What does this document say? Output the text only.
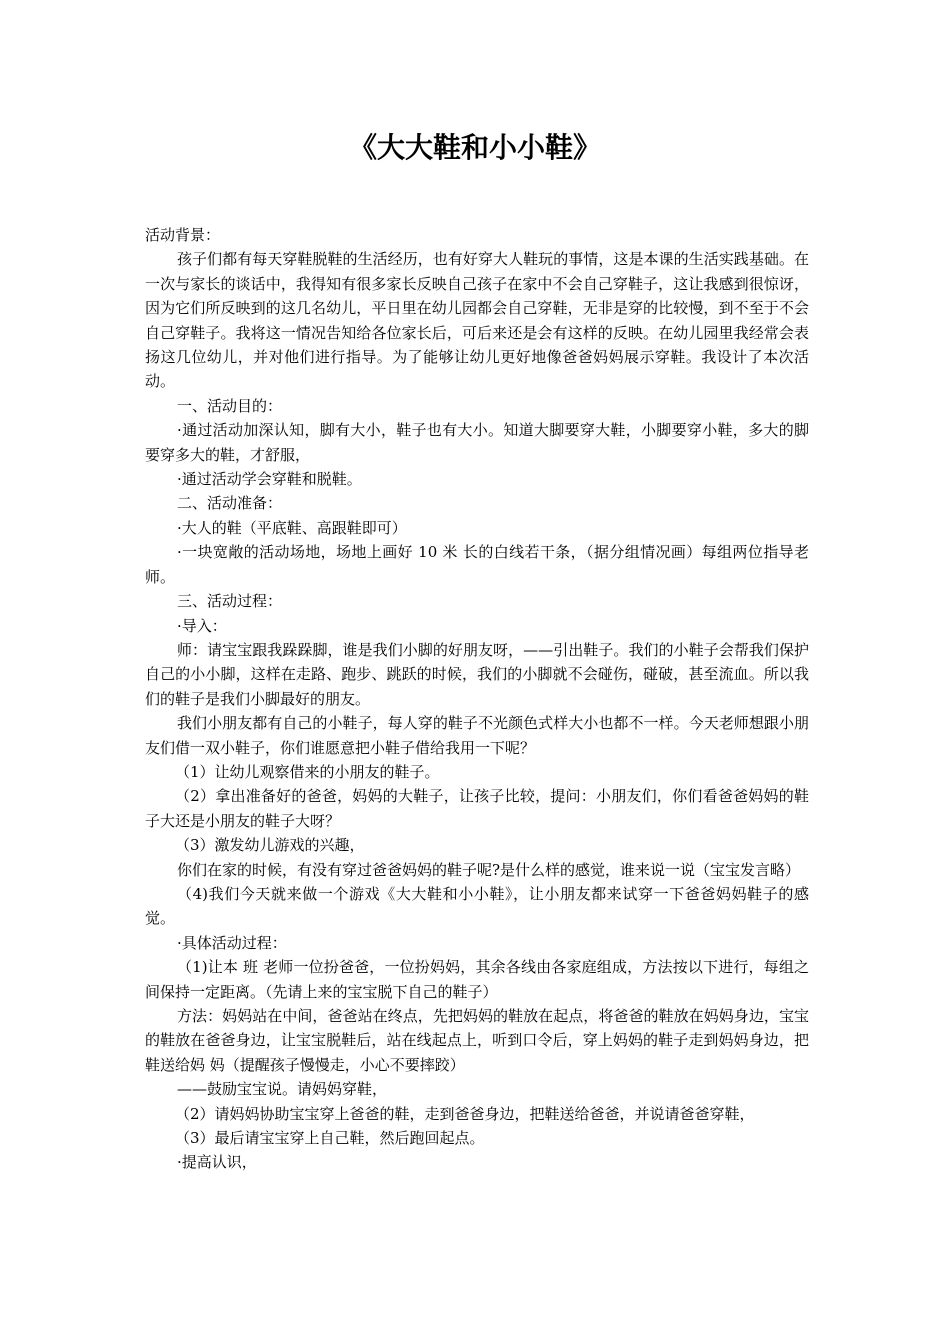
《大大鞋和小小鞋》

活动背景：

孩子们都有每天穿鞋脱鞋的生活经历，也有好穿大人鞋玩的事情，这是本课的生活实践基础。在一次与家长的谈话中，我得知有很多家长反映自己孩子在家中不会自己穿鞋子，这让我感到很惊讶，因为它们所反映到的这几名幼儿，平日里在幼儿园都会自己穿鞋，无非是穿的比较慢，到不至于不会自己穿鞋子。我将这一情况告知给各位家长后，可后来还是会有这样的反映。在幼儿园里我经常会表扬这几位幼儿，并对他们进行指导。为了能够让幼儿更好地像爸爸妈妈展示穿鞋。我设计了本次活动。

一、活动目的：

·通过活动加深认知，脚有大小，鞋子也有大小。知道大脚要穿大鞋，小脚要穿小鞋，多大的脚要穿多大的鞋，才舒服，

·通过活动学会穿鞋和脱鞋。

二、活动准备：

·大人的鞋（平底鞋、高跟鞋即可）

·一块宽敞的活动场地，场地上画好 10 米 长的白线若干条，（据分组情况画）每组两位指导老师。

三、活动过程：

·导入：

师：请宝宝跟我跺跺脚，谁是我们小脚的好朋友呀，——引出鞋子。我们的小鞋子会帮我们保护自己的小小脚，这样在走路、跑步、跳跃的时候，我们的小脚就不会碰伤，碰破，甚至流血。所以我们的鞋子是我们小脚最好的朋友。

我们小朋友都有自己的小鞋子，每人穿的鞋子不光颜色式样大小也都不一样。今天老师想跟小朋友们借一双小鞋子，你们谁愿意把小鞋子借给我用一下呢？

（1）让幼儿观察借来的小朋友的鞋子。

（2）拿出准备好的爸爸，妈妈的大鞋子，让孩子比较，提问：小朋友们，你们看爸爸妈妈的鞋子大还是小朋友的鞋子大呀？

（3）激发幼儿游戏的兴趣，

你们在家的时候，有没有穿过爸爸妈妈的鞋子呢?是什么样的感觉，谁来说一说（宝宝发言略）

（4)我们今天就来做一个游戏《大大鞋和小小鞋》，让小朋友都来试穿一下爸爸妈妈鞋子的感觉。

·具体活动过程：

（1)让本 班 老师一位扮爸爸，一位扮妈妈，其余各线由各家庭组成，方法按以下进行，每组之间保持一定距离。（先请上来的宝宝脱下自己的鞋子）

方法：妈妈站在中间，爸爸站在终点，先把妈妈的鞋放在起点，将爸爸的鞋放在妈妈身边，宝宝的鞋放在爸爸身边，让宝宝脱鞋后，站在线起点上，听到口令后，穿上妈妈的鞋子走到妈妈身边，把鞋送给妈 妈（提醒孩子慢慢走，小心不要摔跤）

——鼓励宝宝说。请妈妈穿鞋，

（2）请妈妈协助宝宝穿上爸爸的鞋，走到爸爸身边，把鞋送给爸爸，并说请爸爸穿鞋，

（3）最后请宝宝穿上自己鞋，然后跑回起点。

·提高认识，
